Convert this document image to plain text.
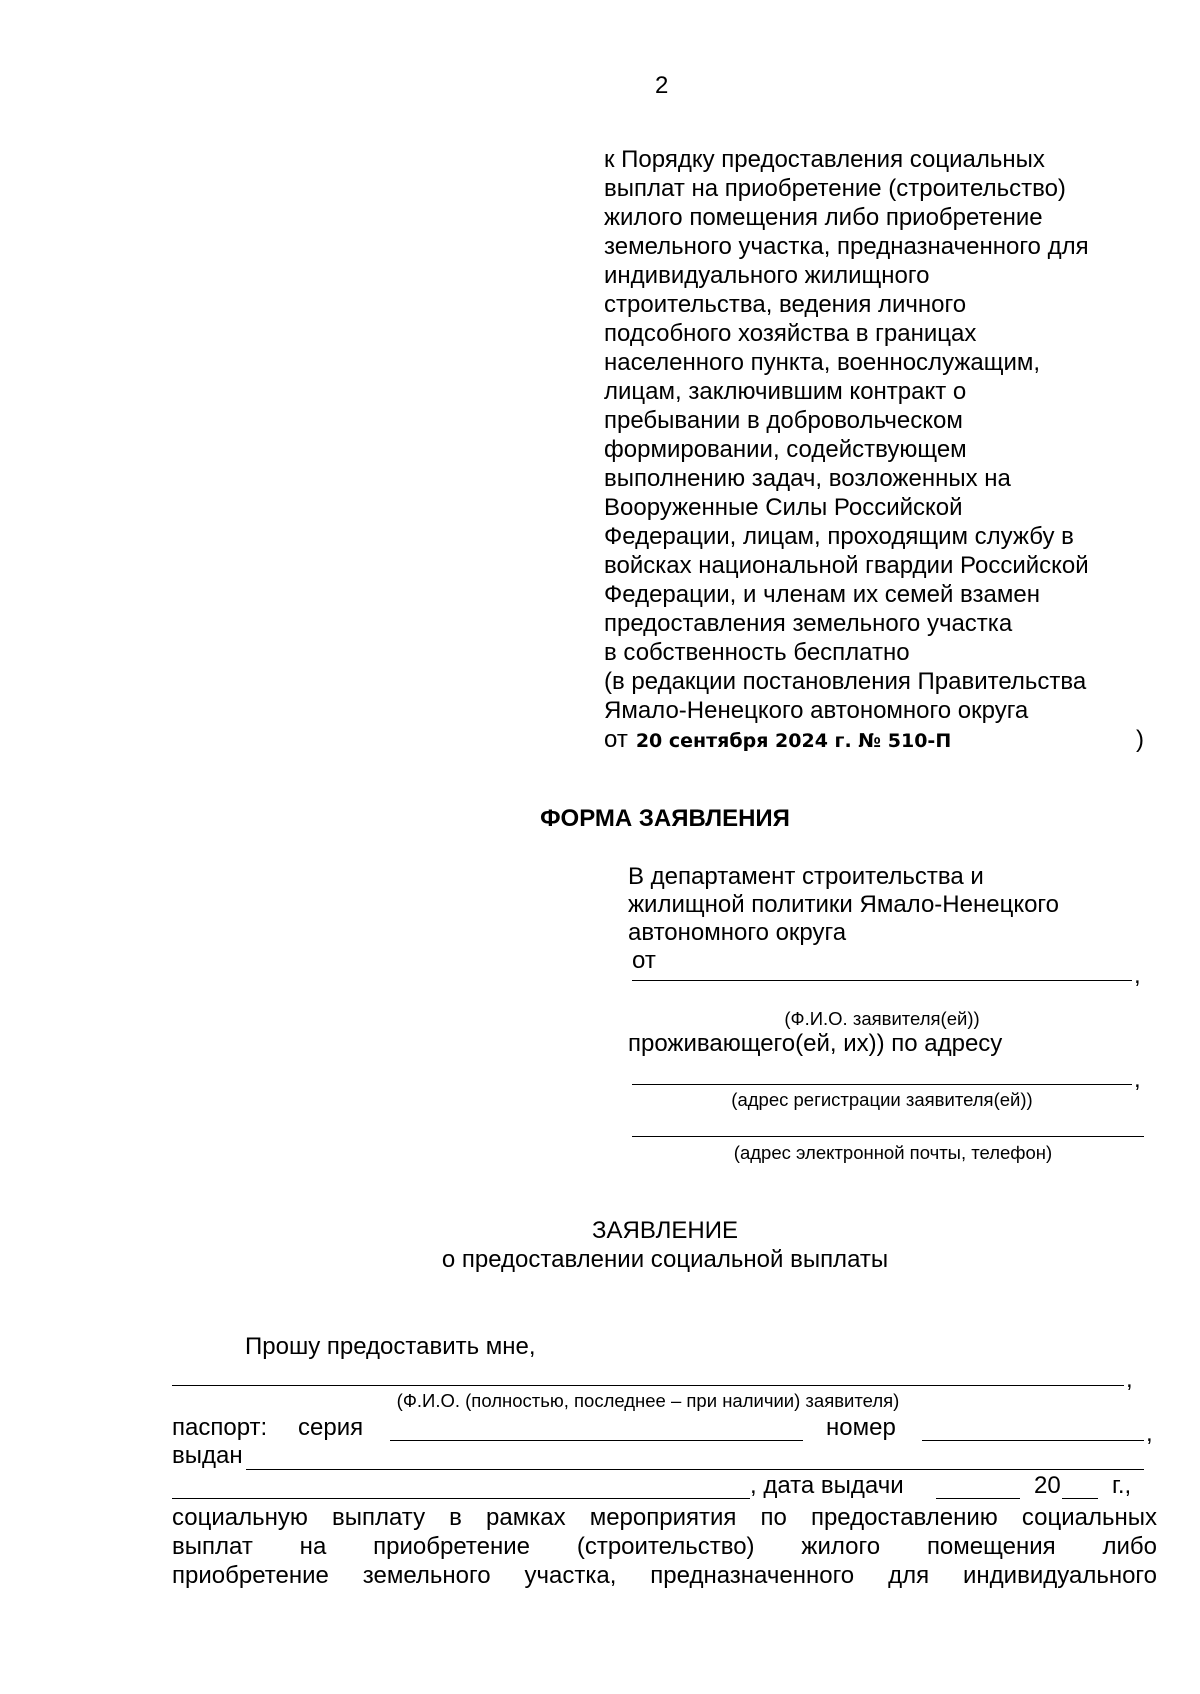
2
к Порядку предоставления социальных
выплат на приобретение (строительство)
жилого помещения либо приобретение
земельного участка, предназначенного для
индивидуального жилищного
строительства, ведения личного
подсобного хозяйства в границах
населенного пункта, военнослужащим,
лицам, заключившим контракт о
пребывании в добровольческом
формировании, содействующем
выполнению задач, возложенных на
Вооруженные Силы Российской
Федерации, лицам, проходящим службу в
войсках национальной гвардии Российской
Федерации, и членам их семей взамен
предоставления земельного участка
в собственность бесплатно
(в редакции постановления Правительства
Ямало-Ненецкого автономного округа
от 20 сентября 2024 г. № 510-П	)
ФОРМА ЗАЯВЛЕНИЯ
В департамент строительства и
жилищной политики Ямало-Ненецкого
автономного округа
от
,
(Ф.И.О. заявителя(ей))
проживающего(ей, их)) по адресу
,
(адрес регистрации заявителя(ей))
(адрес электронной почты, телефон)
ЗАЯВЛЕНИЕ
о предоставлении социальной выплаты
Прошу предоставить мне,
,
(Ф.И.О. (полностью, последнее – при наличии) заявителя)
паспорт: серия	номер	,
выдан
, дата выдачи	20 г.,
социальную выплату в рамках мероприятия по предоставлению социальных
выплат на приобретение (строительство) жилого помещения либо
приобретение земельного участка, предназначенного для индивидуального
